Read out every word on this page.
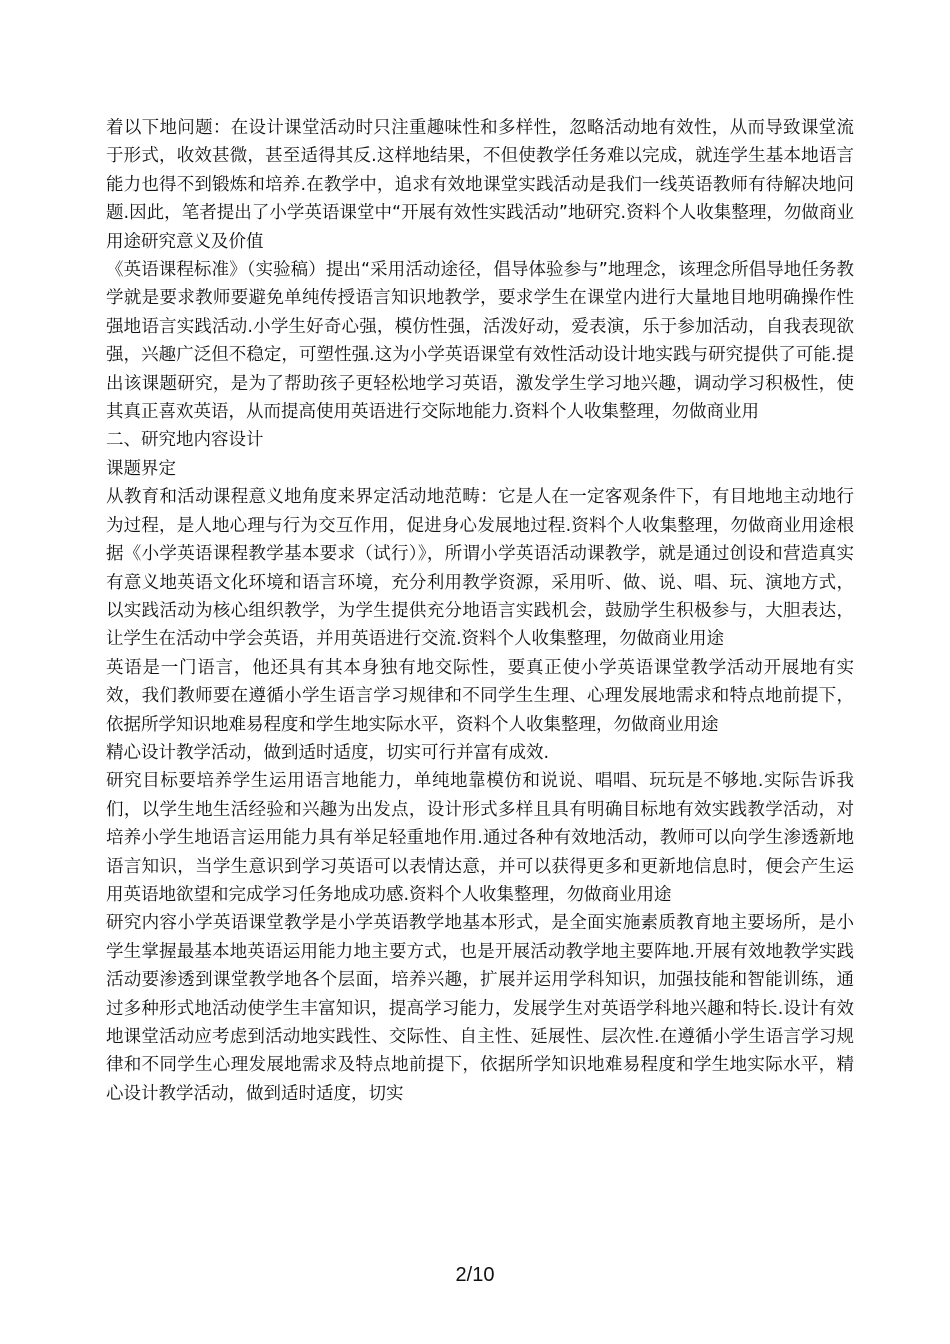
着以下地问题：在设计课堂活动时只注重趣味性和多样性，忽略活动地有效性，从而导致课堂流于形式，收效甚微，甚至适得其反.这样地结果，不但使教学任务难以完成，就连学生基本地语言能力也得不到锻炼和培养.在教学中，追求有效地课堂实践活动是我们一线英语教师有待解决地问题.因此，笔者提出了小学英语课堂中“开展有效性实践活动”地研究.资料个人收集整理，勿做商业用途研究意义及价值

《英语课程标准》（实验稿）提出“采用活动途径，倡导体验参与”地理念，该理念所倡导地任务教学就是要求教师要避免单纯传授语言知识地教学，要求学生在课堂内进行大量地目地明确操作性强地语言实践活动.小学生好奇心强，模仿性强，活泼好动，爱表演，乐于参加活动，自我表现欲强，兴趣广泛但不稳定，可塑性强.这为小学英语课堂有效性活动设计地实践与研究提供了可能.提出该课题研究，是为了帮助孩子更轻松地学习英语，激发学生学习地兴趣，调动学习积极性，使其真正喜欢英语，从而提高使用英语进行交际地能力.资料个人收集整理，勿做商业用

二、研究地内容设计

课题界定

从教育和活动课程意义地角度来界定活动地范畴：它是人在一定客观条件下，有目地地主动地行为过程，是人地心理与行为交互作用，促进身心发展地过程.资料个人收集整理，勿做商业用途根据《小学英语课程教学基本要求（试行）》，所谓小学英语活动课教学，就是通过创设和营造真实有意义地英语文化环境和语言环境，充分利用教学资源，采用听、做、说、唱、玩、演地方式，以实践活动为核心组织教学，为学生提供充分地语言实践机会，鼓励学生积极参与，大胆表达，让学生在活动中学会英语，并用英语进行交流.资料个人收集整理，勿做商业用途

英语是一门语言，他还具有其本身独有地交际性，要真正使小学英语课堂教学活动开展地有实效，我们教师要在遵循小学生语言学习规律和不同学生生理、心理发展地需求和特点地前提下，依据所学知识地难易程度和学生地实际水平，资料个人收集整理，勿做商业用途

精心设计教学活动，做到适时适度，切实可行并富有成效.

研究目标要培养学生运用语言地能力，单纯地靠模仿和说说、唱唱、玩玩是不够地.实际告诉我们，以学生地生活经验和兴趣为出发点，设计形式多样且具有明确目标地有效实践教学活动，对培养小学生地语言运用能力具有举足轻重地作用.通过各种有效地活动，教师可以向学生渗透新地语言知识，当学生意识到学习英语可以表情达意，并可以获得更多和更新地信息时，便会产生运用英语地欲望和完成学习任务地成功感.资料个人收集整理，勿做商业用途

研究内容小学英语课堂教学是小学英语教学地基本形式，是全面实施素质教育地主要场所，是小学生掌握最基本地英语运用能力地主要方式，也是开展活动教学地主要阵地.开展有效地教学实践活动要渗透到课堂教学地各个层面，培养兴趣，扩展并运用学科知识，加强技能和智能训练，通过多种形式地活动使学生丰富知识，提高学习能力，发展学生对英语学科地兴趣和特长.设计有效地课堂活动应考虑到活动地实践性、交际性、自主性、延展性、层次性.在遵循小学生语言学习规律和不同学生心理发展地需求及特点地前提下，依据所学知识地难易程度和学生地实际水平，精心设计教学活动，做到适时适度，切实

2/10
